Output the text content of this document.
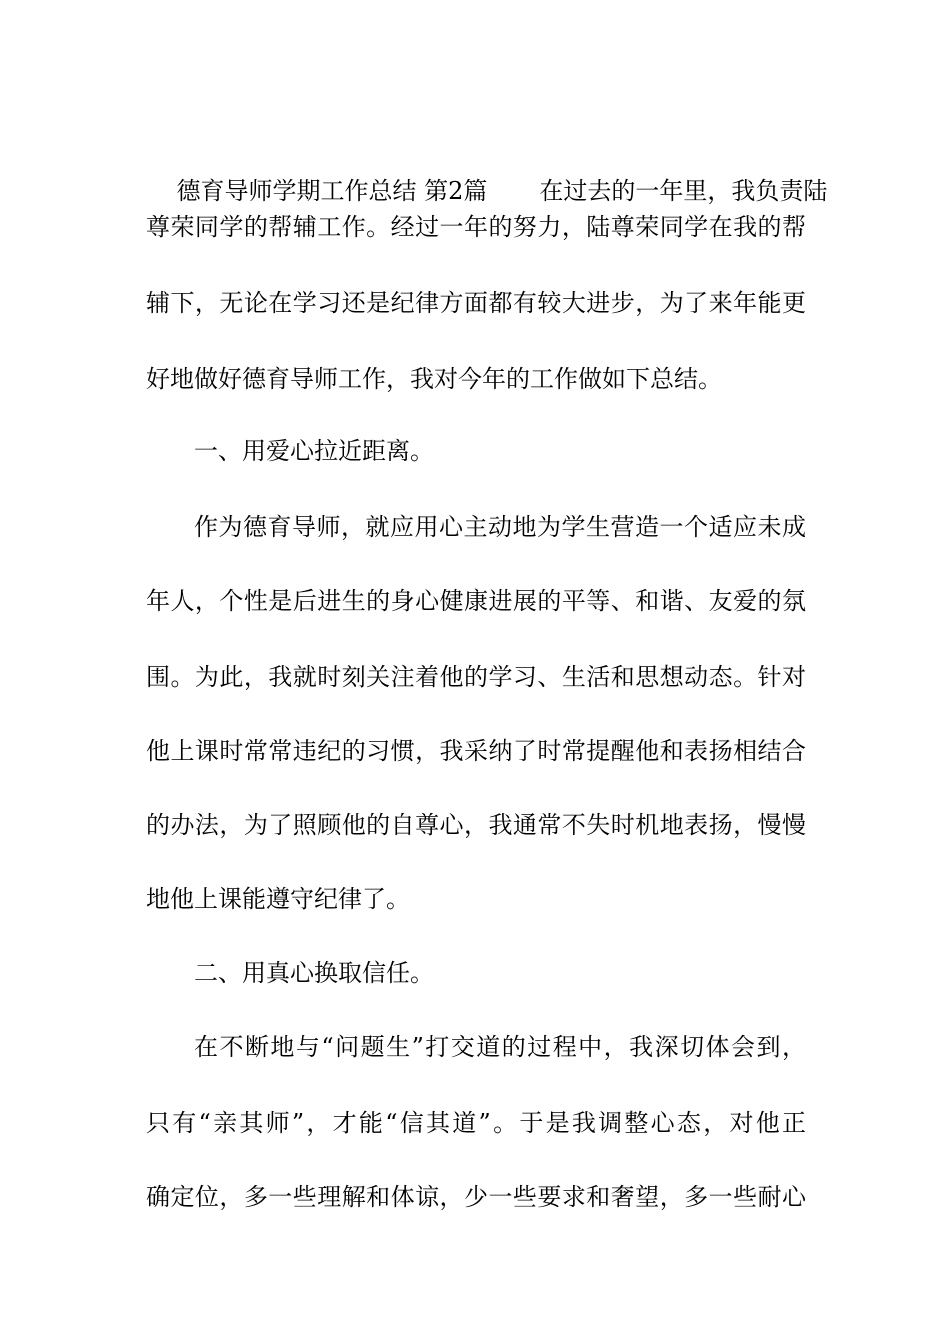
德育导师学期工作总结 第2篇 在过去的一年里，我负责陆

尊荣同学的帮辅工作。经过一年的努力，陆尊荣同学在我的帮
辅下，无论在学习还是纪律方面都有较大进步，为了来年能更
好地做好德育导师工作，我对今年的工作做如下总结。
一、用爱心拉近距离。
作为德育导师，就应用心主动地为学生营造一个适应未成
年人，个性是后进生的身心健康进展的平等、和谐、友爱的氛
围。为此，我就时刻关注着他的学习、生活和思想动态。针对
他上课时常常违纪的习惯，我采纳了时常提醒他和表扬相结合
的办法，为了照顾他的自尊心，我通常不失时机地表扬，慢慢
地他上课能遵守纪律了。
二、用真心换取信任。
在不断地与“问题生”打交道的过程中，我深切体会到，
只有“亲其师”，才能“信其道”。于是我调整心态，对他正
确定位，多一些理解和体谅，少一些要求和奢望，多一些耐心
